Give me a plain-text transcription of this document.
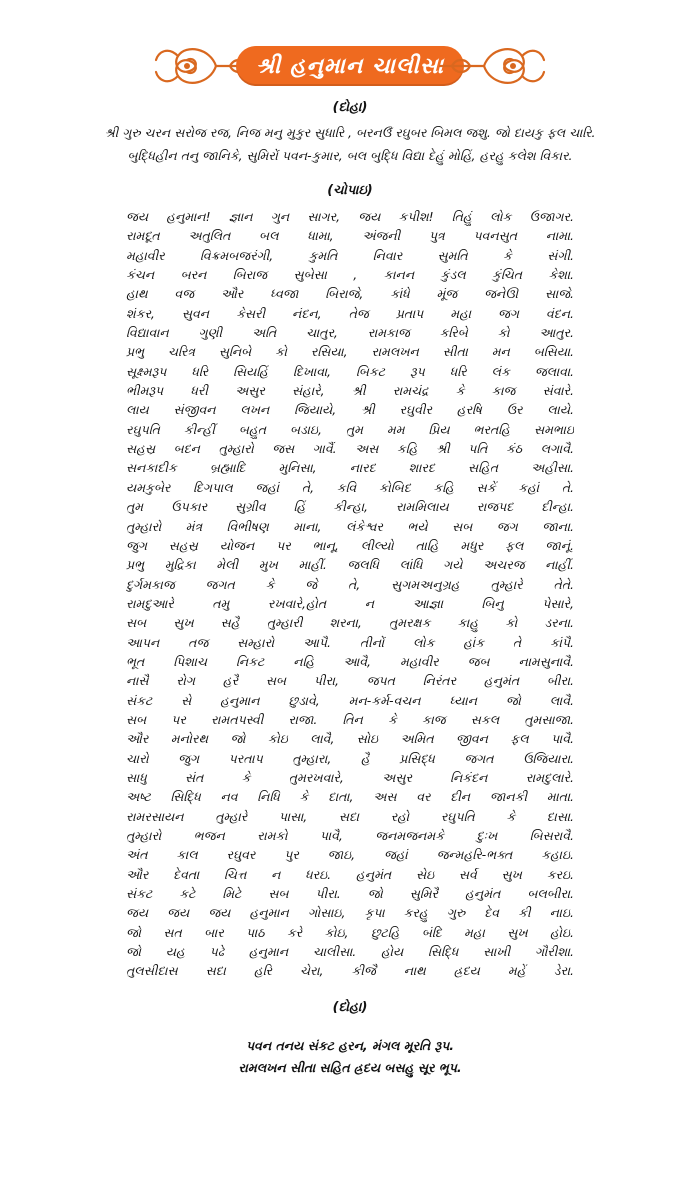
શ્રી હનુમાન ચાલીસા
(દોહા)
શ્રી ગુરુ ચરન સરોજ રજ, નિજ મનુ મુકુર સુધારિ , બરનઉઁ રઘુબર બિમલ જશુ. જો દાયકુ ફલ ચારિ.
બુદ્ધિહીન તનુ જાનિકે, સુમિરોં પવન-કુમાર, બલ બુદ્ધિ વિદ્યા દેહું મોહિં, હરહુ કલેશ વિકાર.
(ચોપાઇ)
જય હનુમાન! જ્ઞાન ગુન સાગર, જય કપીશ! તિહું લોક ઉજાગર.
રામદૂત અતુલિત બલ ધામા, અંજની પુત્ર પવનસુત નામા.
મહાવીર વિક્રમબજરંગી, કુમતિ નિવાર સુમતિ કે સંગી.
કંચન બરન બિરાજ સુબેસા , કાનન કુંડલ કુંચિત કેશા.
હાથ વજ ઔર ધ્વજા બિરાજે, કાંધે મૂંજ જનેઊ સાજે.
શંકર, સુવન કેસરી નંદન, તેજ પ્રતાપ મહા જગ વંદન.
વિદ્યાવાન ગુણી અતિ ચાતુર, રામકાજ કરિબે કો આતુર.
પ્રભુ ચરિત્ર સુનિબે કો રસિયા, રામલખન સીતા મન બસિયા.
સૂક્ષ્મરૂપ ધરિ સિયહિં દિખાવા, બિકટ રૂપ ધરિ લંક જલાવા.
ભીમરૂપ ધરી અસુર સંહારે, શ્રી રામચંદ્ર કે કાજ સંવારે.
લાય સંજીવન લખન જિયાયે, શ્રી રઘુવીર હરષિ ઉર લાયે.
રઘુપતિ કીન્હીં બહુત બડાઇ, તુમ મમ પ્રિય ભરતહિ સમભાઇ
સહસ્ર બદન તુમ્હારો જસ ગાવૈં. અસ કહિ શ્રી પતિ કંઠ લગાવૈ.
સનકાદીક બ્રહ્માદિ મુનિસા, નારદ શારદ સહિત અહીસા.
યમકુબેર દિગપાલ જહાં તે, કવિ કોબિદ કહિ સકેં કહાં તે.
તુમ ઉપકાર સુગ્રીવ હિં કીન્હા, રામમિલાય રાજપદ દીન્હા.
તુમ્હારો મંત્ર વિભીષણ માના, લંકેશ્વર ભયે સબ જગ જાના.
જુગ સહસ્ર યોજન પર ભાનૂ, લીલ્યો તાહિ મધુર ફલ જાનૂં.
પ્રભુ મુદ્રિકા મેલી મુખ માહીં. જલધિ લાંધિ ગયે અચરજ નાહીં.
દુર્ગમકાજ જગત કે જે તે, સુગમઅનુગ્રહ તુમ્હારે તેતે.
રામદુઆરે તમુ રખવારે,હોત ન આજ્ઞા બિનુ પેસારે,
સબ સુખ સહૈ તુમ્હારી શરના, તુમરક્ષક કાહુ કો ડરના.
આપન તજ સમ્હારો આપૈ. તીનોં લોક હાંક તે કાંપૈ.
ભૂત પિશાચ નિકટ નહિ આવૈ, મહાવીર જબ નામસુનાવૈ.
નાસૈ રોગ હરૈ સબ પીરા, જપત નિરંતર હનુમંત બીરા.
સંકટ સે હનુમાન છુડાવે, મન-કર્મ-વચન ધ્યાન જો લાવૈ.
સબ પર રામતપસ્વી રાજા. તિન કે કાજ સકલ તુમસાજા.
ઔર મનોરથ જો કોઇ લાવૈ, સોઇ અમિત જીવન ફલ પાવૈ.
ચારો જુગ પરતાપ તુમ્હારા, હૈ પ્રસિદ્ધ જગત ઉજિયારા.
સાધુ સંત કે તુમરખવારે, અસુર નિકંદન રામદુલારે.
અષ્ટ સિદ્ધિ નવ નિધિ કે દાતા, અસ વર દીન જાનકી માતા.
રામરસાયન તુમ્હારે પાસા, સદા રહો રઘુપતિ કે દાસા.
તુમ્હારો ભજન રામકો પાવૈ, જનમજનમકે દુઃખ બિસરાવૈ.
અંત કાલ રઘુવર પુર જાઇ, જહાં જન્મહરિ-ભક્ત કહાઇ.
ઔર દેવતા ચિત્ત ન ધરઇ. હનુમંત સેઇ સર્વ સુખ કરઇ.
સંકટ કટે મિટે સબ પીરા. જો સુમિરૈ હનુમંત બલબીરા.
જય જય જય હનુમાન ગોસાઇ, કૃપા કરહુ ગુરુ દેવ કી નાઇ.
જો સત બાર પાઠ કરે કોઇ, છુટહિ બંદિ મહા સુખ હોઇ.
જો યહ પઢે હનુમાન ચાલીસા. હોય સિદ્ધિ સાખી ગૌરીશા.
તુલસીદાસ સદા હરિ ચેરા, કીજૈ નાથ હ્રદય મહેં ડેરા.
(દોહા)
પવન તનય સંકટ હરન, મંગલ મૂરતિ રૂપ.
રામલખન સીતા સહિત હ્રદય બસહુ સૂર ભૂપ.
